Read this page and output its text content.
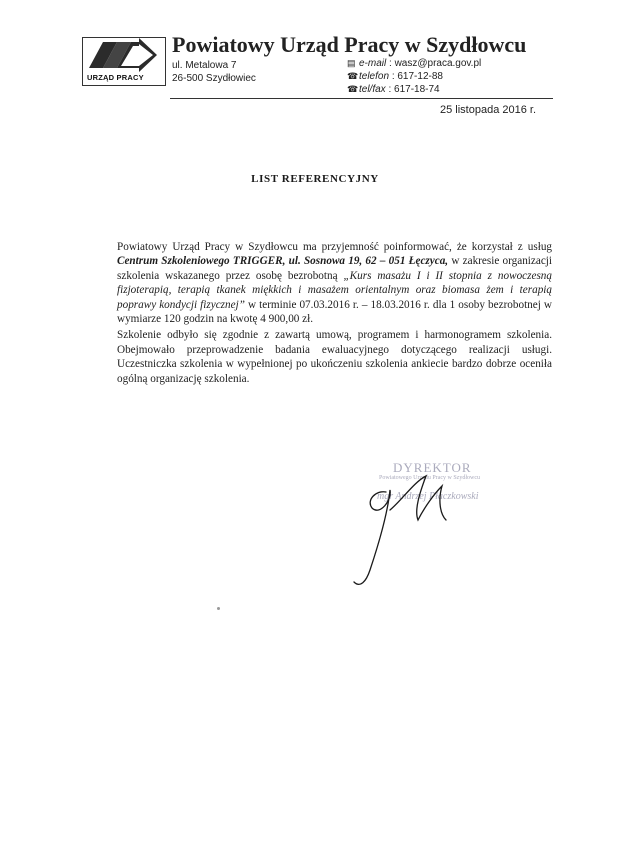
URZĄD PRACY
Powiatowy Urząd Pracy w Szydłowcu
ul. Metalowa 7
26-500 Szydłowiec
▤ e-mail : wasz@praca.gov.pl
☎telefon : 617-12-88
☎tel/fax : 617-18-74
25 listopada 2016 r.
LIST REFERENCYJNY

Powiatowy Urząd Pracy w Szydłowcu ma przyjemność poinformować, że korzystał z usług Centrum Szkoleniowego TRIGGER, ul. Sosnowa 19, 62 – 051 Łęczyca, w zakresie organizacji szkolenia wskazanego przez osobę bezrobotną „Kurs masażu I i II stopnia z nowoczesną fizjoterapią, terapią tkanek miękkich i masażem orientalnym oraz biomasa żem i terapią poprawy kondycji fizycznej” w terminie 07.03.2016 r. – 18.03.2016 r. dla 1 osoby bezrobotnej w wymiarze 120 godzin na kwotę 4 900,00 zł.

Szkolenie odbyło się zgodnie z zawartą umową, programem i harmonogramem szkolenia. Obejmowało przeprowadzenie badania ewaluacyjnego dotyczącego realizacji usługi. Uczestniczka szkolenia w wypełnionej po ukończeniu szkolenia ankiecie bardzo dobrze oceniła ogólną organizację szkolenia.

DYREKTOR
Powiatowego Urzędu Pracy w Szydłowcu
mgr Andrzej Płaczkowski
